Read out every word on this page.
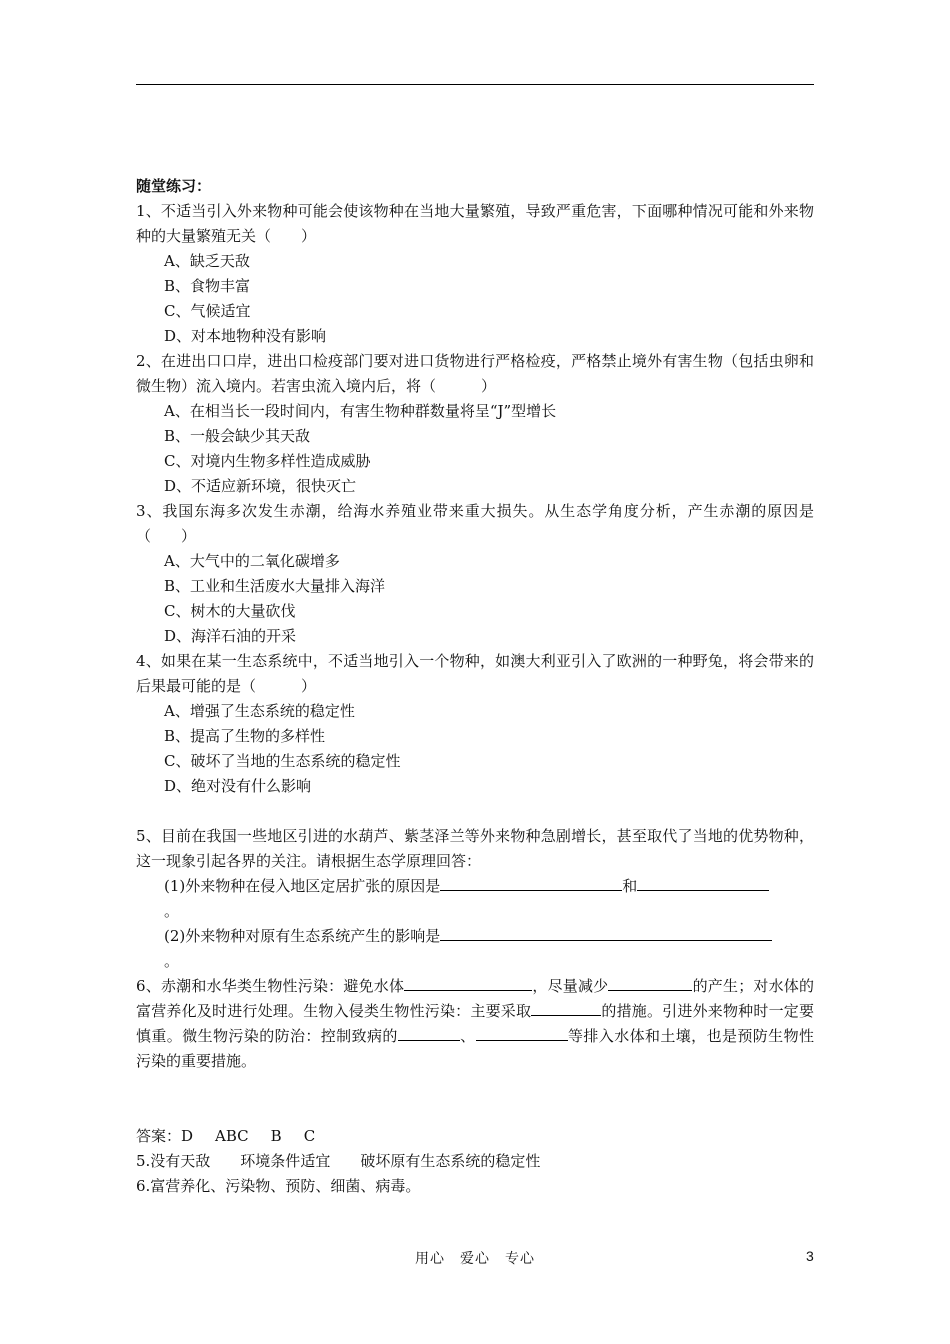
随堂练习：
1、不适当引入外来物种可能会使该物种在当地大量繁殖，导致严重危害，下面哪种情况可能和外来物种的大量繁殖无关（　　）
A、缺乏天敌
B、食物丰富
C、气候适宜
D、对本地物种没有影响
2、在进出口口岸，进出口检疫部门要对进口货物进行严格检疫，严格禁止境外有害生物（包括虫卵和微生物）流入境内。若害虫流入境内后，将（　　　）
A、在相当长一段时间内，有害生物种群数量将呈“J”型增长
B、一般会缺少其天敌
C、对境内生物多样性造成威胁
D、不适应新环境，很快灭亡
3、我国东海多次发生赤潮，给海水养殖业带来重大损失。从生态学角度分析，产生赤潮的原因是（　　）
A、大气中的二氧化碳增多
B、工业和生活废水大量排入海洋
C、树木的大量砍伐
D、海洋石油的开采
4、如果在某一生态系统中，不适当地引入一个物种，如澳大利亚引入了欧洲的一种野兔，将会带来的后果最可能的是（　　　）
A、增强了生态系统的稳定性
B、提高了生物的多样性
C、破坏了当地的生态系统的稳定性
D、绝对没有什么影响
5、目前在我国一些地区引进的水葫芦、紫茎泽兰等外来物种急剧增长，甚至取代了当地的优势物种，这一现象引起各界的关注。请根据生态学原理回答：
(1)外来物种在侵入地区定居扩张的原因是	和
。
(2)外来物种对原有生态系统产生的影响是
。
6、赤潮和水华类生物性污染：避免水体	，尽量减少	的产生；对水体的富营养化及时进行处理。生物入侵类生物性污染：主要采取	的措施。引进外来物种时一定要慎重。微生物污染的防治：控制致病的	、	等排入水体和土壤，也是预防生物性污染的重要措施。
答案：D ABC B C
5.没有天敌　　环境条件适宜　　破坏原有生态系统的稳定性
6.富营养化、污染物、预防、细菌、病毒。
用心　爱心　专心	3
